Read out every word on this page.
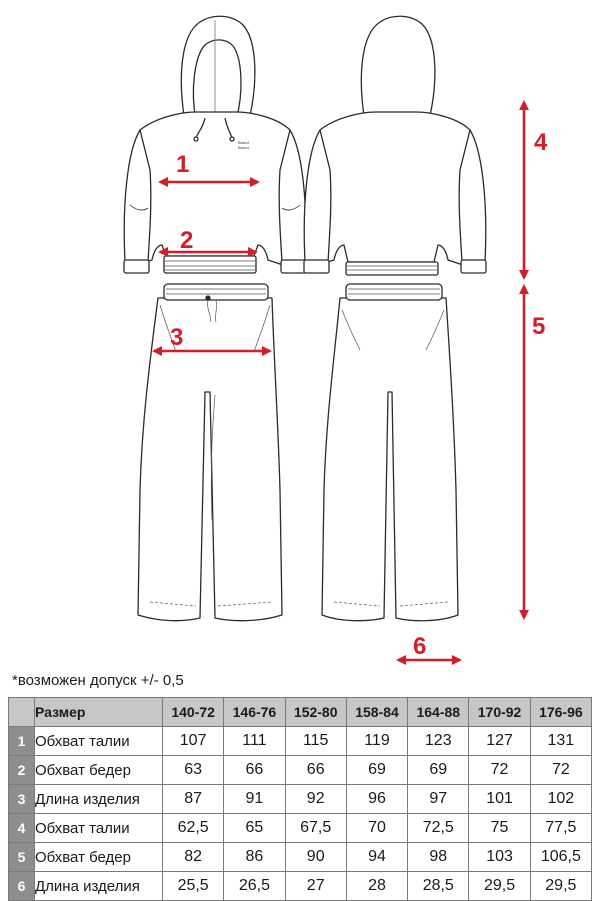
Brand
Brand
1
2
3
4
5
6
*возможен допуск +/- 0,5
	Размер	140-72	146-76	152-80	158-84	164-88	170-92	176-96
1	Обхват талии	107	111	115	119	123	127	131
2	Обхват бедер	63	66	66	69	69	72	72
3	Длина изделия	87	91	92	96	97	101	102
4	Обхват талии	62,5	65	67,5	70	72,5	75	77,5
5	Обхват бедер	82	86	90	94	98	103	106,5
6	Длина изделия	25,5	26,5	27	28	28,5	29,5	29,5
